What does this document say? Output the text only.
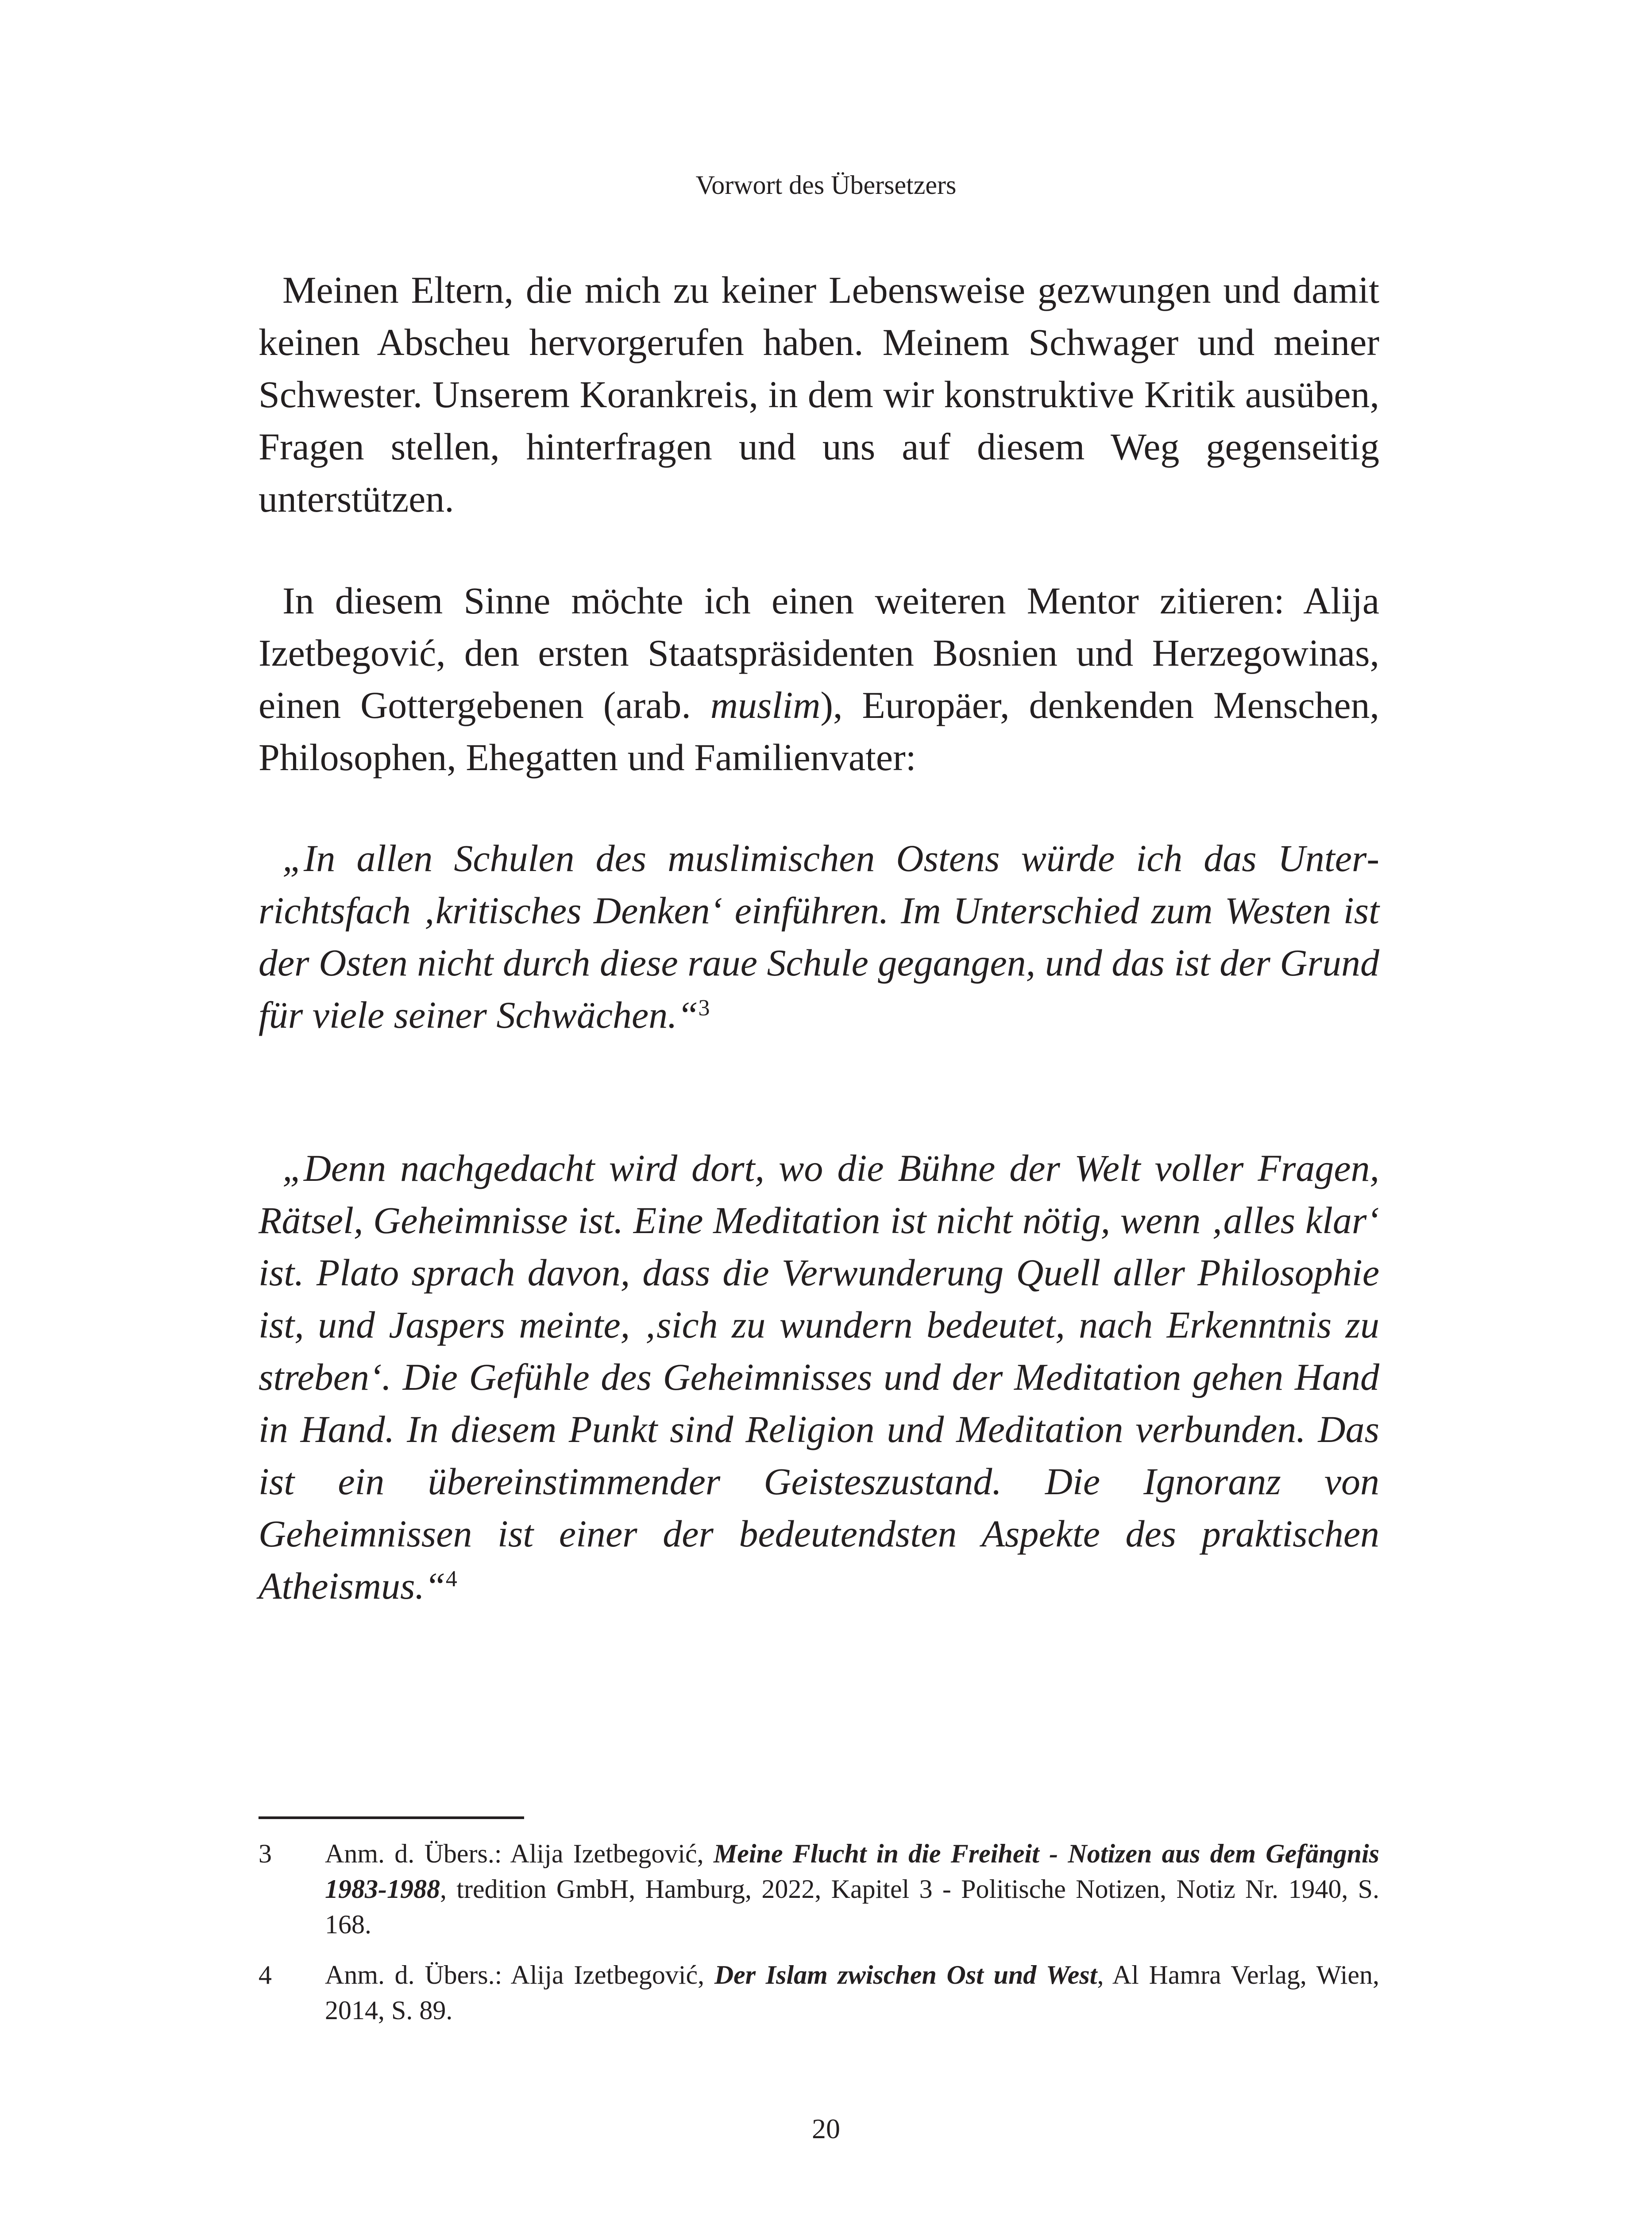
Vorwort des Übersetzers

Meinen Eltern, die mich zu keiner Lebensweise gezwungen und damit keinen Abscheu hervorgerufen haben. Meinem Schwager und meiner Schwester. Unserem Korankreis, in dem wir konstruktive Kritik ausüben, Fragen stellen, hinterfragen und uns auf diesem Weg gegenseitig unterstützen.

In diesem Sinne möchte ich einen weiteren Mentor zitieren: Alija Izetbegović, den ersten Staatspräsidenten Bosnien und Herzegowinas, einen Gottergebenen (arab. muslim), Europäer, denkenden Menschen, Philosophen, Ehegatten und Familienvater:

„In allen Schulen des muslimischen Ostens würde ich das Unterrichtsfach ‚kritisches Denken‘ einführen. Im Unterschied zum Westen ist der Osten nicht durch diese raue Schule gegangen, und das ist der Grund für viele seiner Schwächen.“$^3$

„Denn nachgedacht wird dort, wo die Bühne der Welt voller Fragen, Rätsel, Geheimnisse ist. Eine Meditation ist nicht nötig, wenn ‚alles klar‘ ist. Plato sprach davon, dass die Verwunderung Quell aller Philosophie ist, und Jaspers meinte, ‚sich zu wundern bedeutet, nach Erkenntnis zu streben‘. Die Gefühle des Geheimnisses und der Meditation gehen Hand in Hand. In diesem Punkt sind Religion und Meditation verbunden. Das ist ein übereinstimmender Geisteszustand. Die Ignoranz von Geheimnissen ist einer der bedeutendsten Aspekte des praktischen Atheismus.“$^4$

3	Anm. d. Übers.: Alija Izetbegović, Meine Flucht in die Freiheit - Notizen aus dem Gefängnis 1983-1988, tredition GmbH, Hamburg, 2022, Kapitel 3 - Politische Notizen, Notiz Nr. 1940, S. 168.
4	Anm. d. Übers.: Alija Izetbegović, Der Islam zwischen Ost und West, Al Hamra Verlag, Wien, 2014, S. 89.
20
